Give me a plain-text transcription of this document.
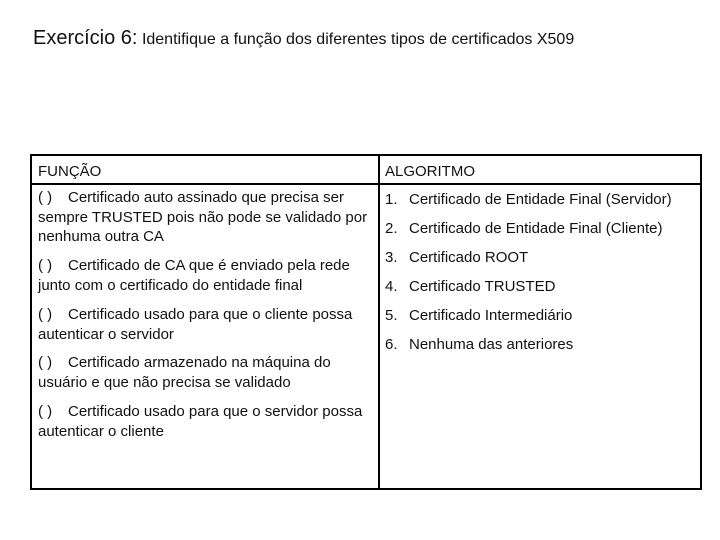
Exercício 6: Identifique a função dos diferentes tipos de certificados X509
FUNÇÃO	ALGORITMO
( ) Certificado auto assinado que precisa ser sempre TRUSTED pois não pode se validado por nenhuma outra CA
( ) Certificado de CA que é enviado pela rede junto com o certificado do entidade final
( ) Certificado usado para que o cliente possa autenticar o servidor
( ) Certificado armazenado na máquina do usuário e que não precisa se validado
( ) Certificado usado para que o servidor possa autenticar o cliente
1. Certificado de Entidade Final (Servidor)
2. Certificado de Entidade Final (Cliente)
3. Certificado ROOT
4. Certificado TRUSTED
5. Certificado Intermediário
6. Nenhuma das anteriores
